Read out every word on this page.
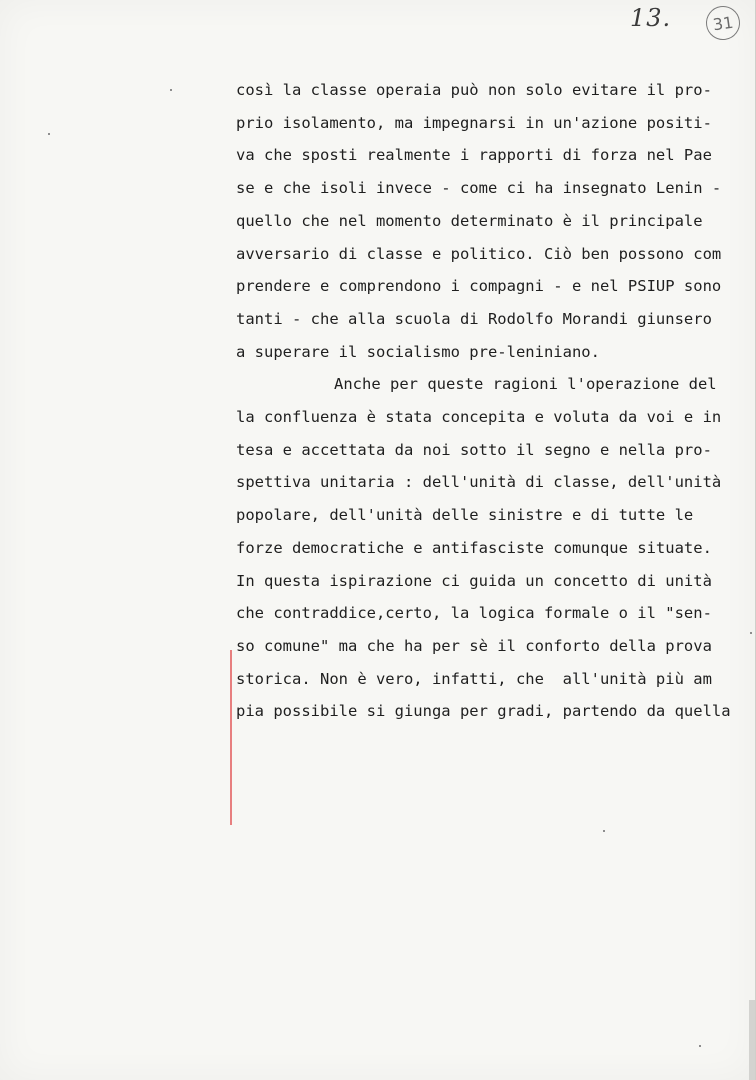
13.	31
così la classe operaia può non solo evitare il pro-
prio isolamento, ma impegnarsi in un'azione positi-
va che sposti realmente i rapporti di forza nel Pae
se e che isoli invece - come ci ha insegnato Lenin -
quello che nel momento determinato è il principale
avversario di classe e politico. Ciò ben possono com
prendere e comprendono i compagni - e nel PSIUP sono
tanti - che alla scuola di Rodolfo Morandi giunsero
a superare il socialismo pre-leniniano.
Anche per queste ragioni l'operazione del
la confluenza è stata concepita e voluta da voi e in
tesa e accettata da noi sotto il segno e nella pro-
spettiva unitaria : dell'unità di classe, dell'unità
popolare, dell'unità delle sinistre e di tutte le
forze democratiche e antifasciste comunque situate.
In questa ispirazione ci guida un concetto di unità
che contraddice,certo, la logica formale o il "sen-
so comune" ma che ha per sè il conforto della prova
storica. Non è vero, infatti, che  all'unità più am
pia possibile si giunga per gradi, partendo da quella
